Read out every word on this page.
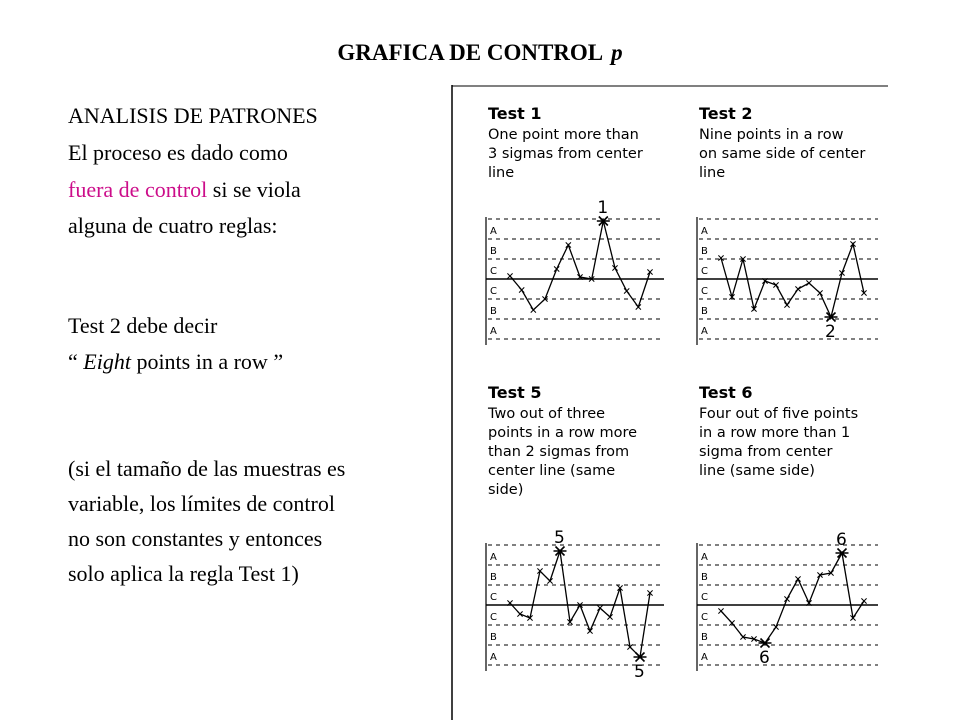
GRAFICA DE CONTROL p
ANALISIS DE PATRONES
El proceso es dado como
fuera de control si se viola
alguna de cuatro reglas:
Test 2 debe decir
“ Eight points in a row ”
(si el tamaño de las muestras es
variable, los límites de control
no son constantes y entonces
solo aplica la regla Test 1)
Test 1
One point more than
3 sigmas from center
line
A
B
C
C
B
A
1
Test 2
Nine points in a row
on same side of center
line
A
B
C
C
B
A	2
Test 5
Two out of three
points in a row more
than 2 sigmas from
center line (same
side)
A
B
C
C
B
A
5
5
Test 6
Four out of five points
in a row more than 1
sigma from center
line (same side)
A
B
C
C
B
A
6
6
